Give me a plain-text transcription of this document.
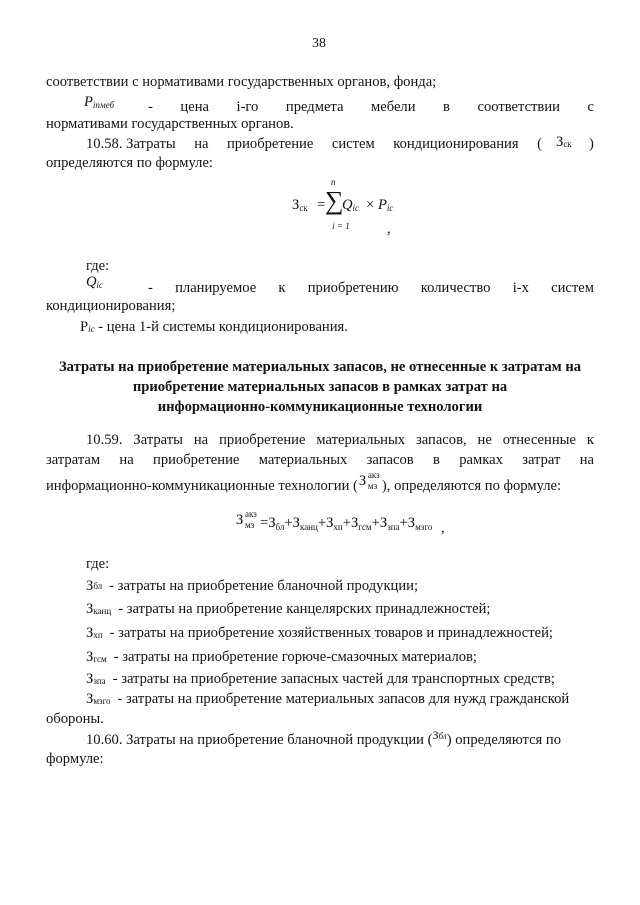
38
соответствии с нормативами государственных органов, фонда;
Piпмеб - цена i-го предмета мебели в соответствии с
нормативами государственных органов.
10.58. Затраты на приобретение систем кондиционирования ( Зск )
определяются по формуле:
Зск =
n
∑
$_{i = 1}$
Qic × Pic
,
где:
Qic	- планируемое к приобретению количество i-х систем
кондиционирования;
Pic - цена 1-й системы кондиционирования.
Затраты на приобретение материальных запасов, не отнесенные к затратам на
приобретение материальных запасов в рамках затрат на
информационно-коммуникационные технологии
10.59. Затраты на приобретение материальных запасов, не отнесенные к
затратам на приобретение материальных запасов в рамках затрат на
информационно-коммуникационные технологии ( З акз
мз ), определяются по формуле:
З акз
мз $=З_{бл}+З_{канц}+З_{хп}+З_{гсм}+З_{зпа}+З_{мзго}$ ,
где:
Збл - затраты на приобретение бланочной продукции;
Зканц - затраты на приобретение канцелярских принадлежностей;
Зхп - затраты на приобретение хозяйственных товаров и принадлежностей;
Згсм - затраты на приобретение горюче-смазочных материалов;
Ззпа - затраты на приобретение запасных частей для транспортных средств;
Змзго - затраты на приобретение материальных запасов для нужд гражданской
обороны.
10.60. Затраты на приобретение бланочной продукции ($^{Збл}$) определяются по
формуле:
